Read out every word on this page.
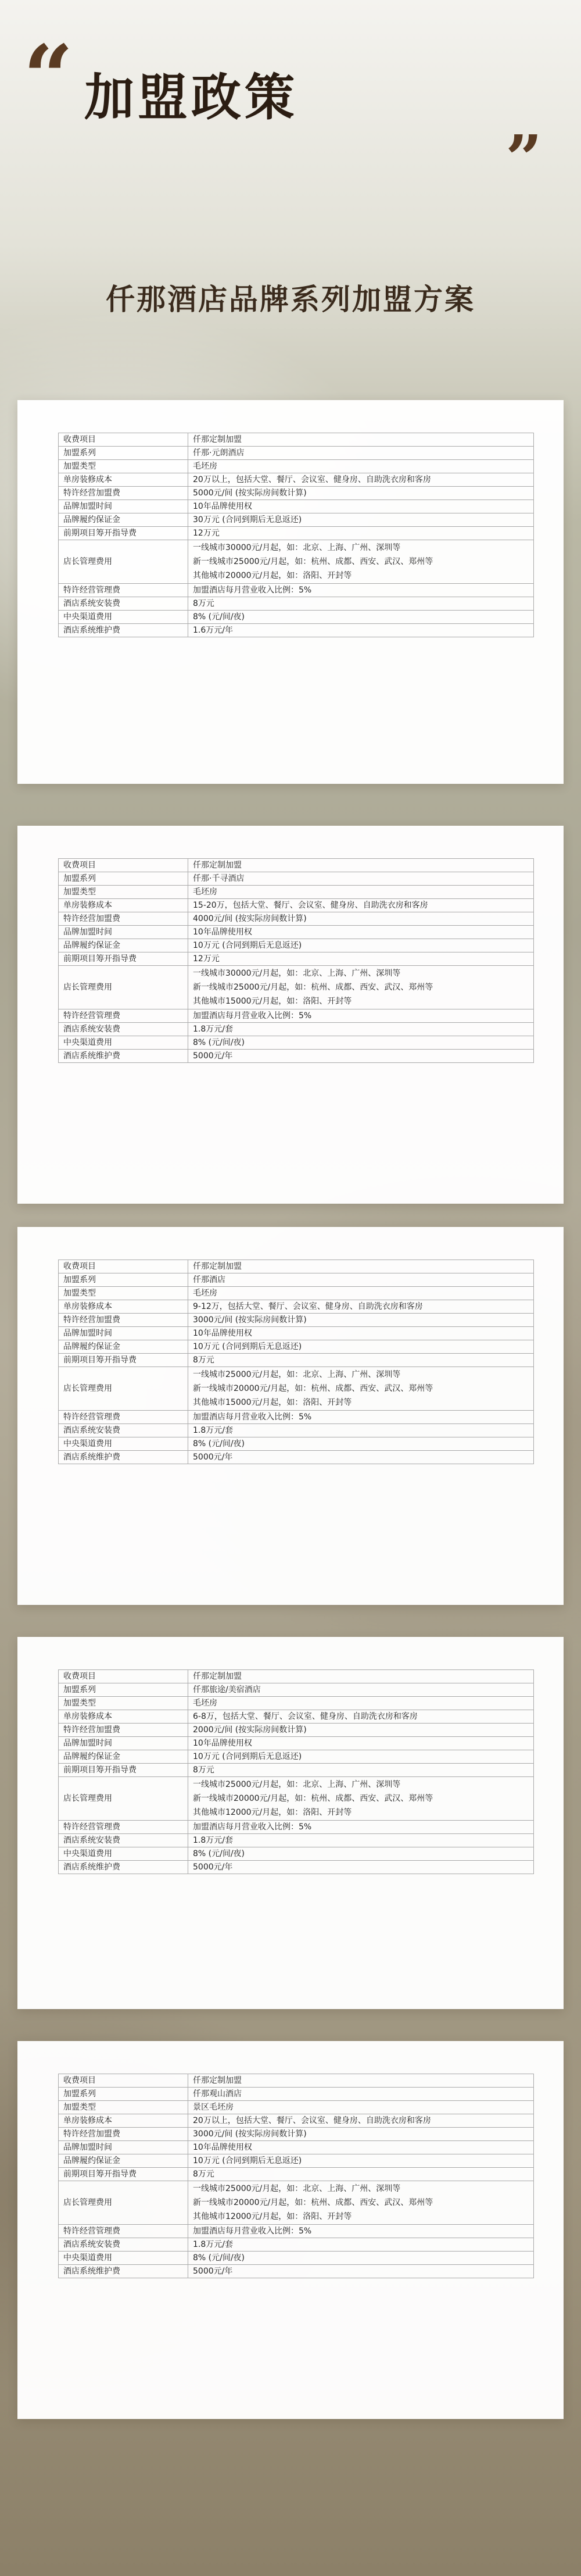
“ 加盟政策
”
仟那酒店品牌系列加盟方案
收费项目	仟那定制加盟
加盟系列	仟那·元朗酒店
加盟类型	毛坯房
单房装修成本	20万以上，包括大堂、餐厅、会议室、健身房、自助洗衣房和客房
特许经营加盟费	5000元/间 (按实际房间数计算)
品牌加盟时间	10年品牌使用权
品牌履约保证金	30万元 (合同到期后无息返还)
前期项目筹开指导费	12万元
店长管理费用	一线城市30000元/月起，如：北京、上海、广州、深圳等
新一线城市25000元/月起，如：杭州、成都、西安、武汉、郑州等
其他城市20000元/月起，如：洛阳、开封等

特许经营管理费	加盟酒店每月营业收入比例：5%
酒店系统安装费	8万元
中央渠道费用	8% (元/间/夜)
酒店系统维护费	1.6万元/年
收费项目	仟那定制加盟
加盟系列	仟那·千寻酒店
加盟类型	毛坯房
单房装修成本	15-20万，包括大堂、餐厅、会议室、健身房、自助洗衣房和客房
特许经营加盟费	4000元/间 (按实际房间数计算)
品牌加盟时间	10年品牌使用权
品牌履约保证金	10万元 (合同到期后无息返还)
前期项目筹开指导费	12万元
店长管理费用	一线城市30000元/月起，如：北京、上海、广州、深圳等
新一线城市25000元/月起，如：杭州、成都、西安、武汉、郑州等
其他城市15000元/月起，如：洛阳、开封等

特许经营管理费	加盟酒店每月营业收入比例：5%
酒店系统安装费	1.8万元/套
中央渠道费用	8% (元/间/夜)
酒店系统维护费	5000元/年
收费项目	仟那定制加盟
加盟系列	仟那酒店
加盟类型	毛坯房
单房装修成本	9-12万，包括大堂、餐厅、会议室、健身房、自助洗衣房和客房
特许经营加盟费	3000元/间 (按实际房间数计算)
品牌加盟时间	10年品牌使用权
品牌履约保证金	10万元 (合同到期后无息返还)
前期项目筹开指导费	8万元
店长管理费用	一线城市25000元/月起，如：北京、上海、广州、深圳等
新一线城市20000元/月起，如：杭州、成都、西安、武汉、郑州等
其他城市15000元/月起，如：洛阳、开封等

特许经营管理费	加盟酒店每月营业收入比例：5%
酒店系统安装费	1.8万元/套
中央渠道费用	8% (元/间/夜)
酒店系统维护费	5000元/年
收费项目	仟那定制加盟
加盟系列	仟那旅途/美宿酒店
加盟类型	毛坯房
单房装修成本	6-8万，包括大堂、餐厅、会议室、健身房、自助洗衣房和客房
特许经营加盟费	2000元/间 (按实际房间数计算)
品牌加盟时间	10年品牌使用权
品牌履约保证金	10万元 (合同到期后无息返还)
前期项目筹开指导费	8万元
店长管理费用	一线城市25000元/月起，如：北京、上海、广州、深圳等
新一线城市20000元/月起，如：杭州、成都、西安、武汉、郑州等
其他城市12000元/月起，如：洛阳、开封等

特许经营管理费	加盟酒店每月营业收入比例：5%
酒店系统安装费	1.8万元/套
中央渠道费用	8% (元/间/夜)
酒店系统维护费	5000元/年
收费项目	仟那定制加盟
加盟系列	仟那观山酒店
加盟类型	景区毛坯房
单房装修成本	20万以上，包括大堂、餐厅、会议室、健身房、自助洗衣房和客房
特许经营加盟费	3000元/间 (按实际房间数计算)
品牌加盟时间	10年品牌使用权
品牌履约保证金	10万元 (合同到期后无息返还)
前期项目筹开指导费	8万元
店长管理费用	一线城市25000元/月起，如：北京、上海、广州、深圳等
新一线城市20000元/月起，如：杭州、成都、西安、武汉、郑州等
其他城市12000元/月起，如：洛阳、开封等

特许经营管理费	加盟酒店每月营业收入比例：5%
酒店系统安装费	1.8万元/套
中央渠道费用	8% (元/间/夜)
酒店系统维护费	5000元/年
